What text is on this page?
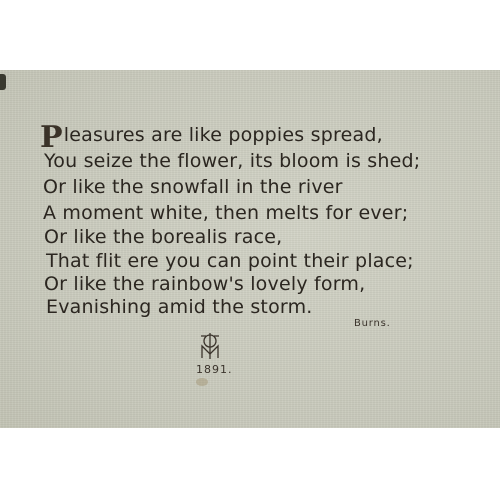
Pleasures are like poppies spread,
You seize the flower, its bloom is shed;
Or like the snowfall in the river
A moment white, then melts for ever;
Or like the borealis race,
That flit ere you can point their place;
Or like the rainbow's lovely form,
Evanishing amid the storm.
Burns.
1891.
